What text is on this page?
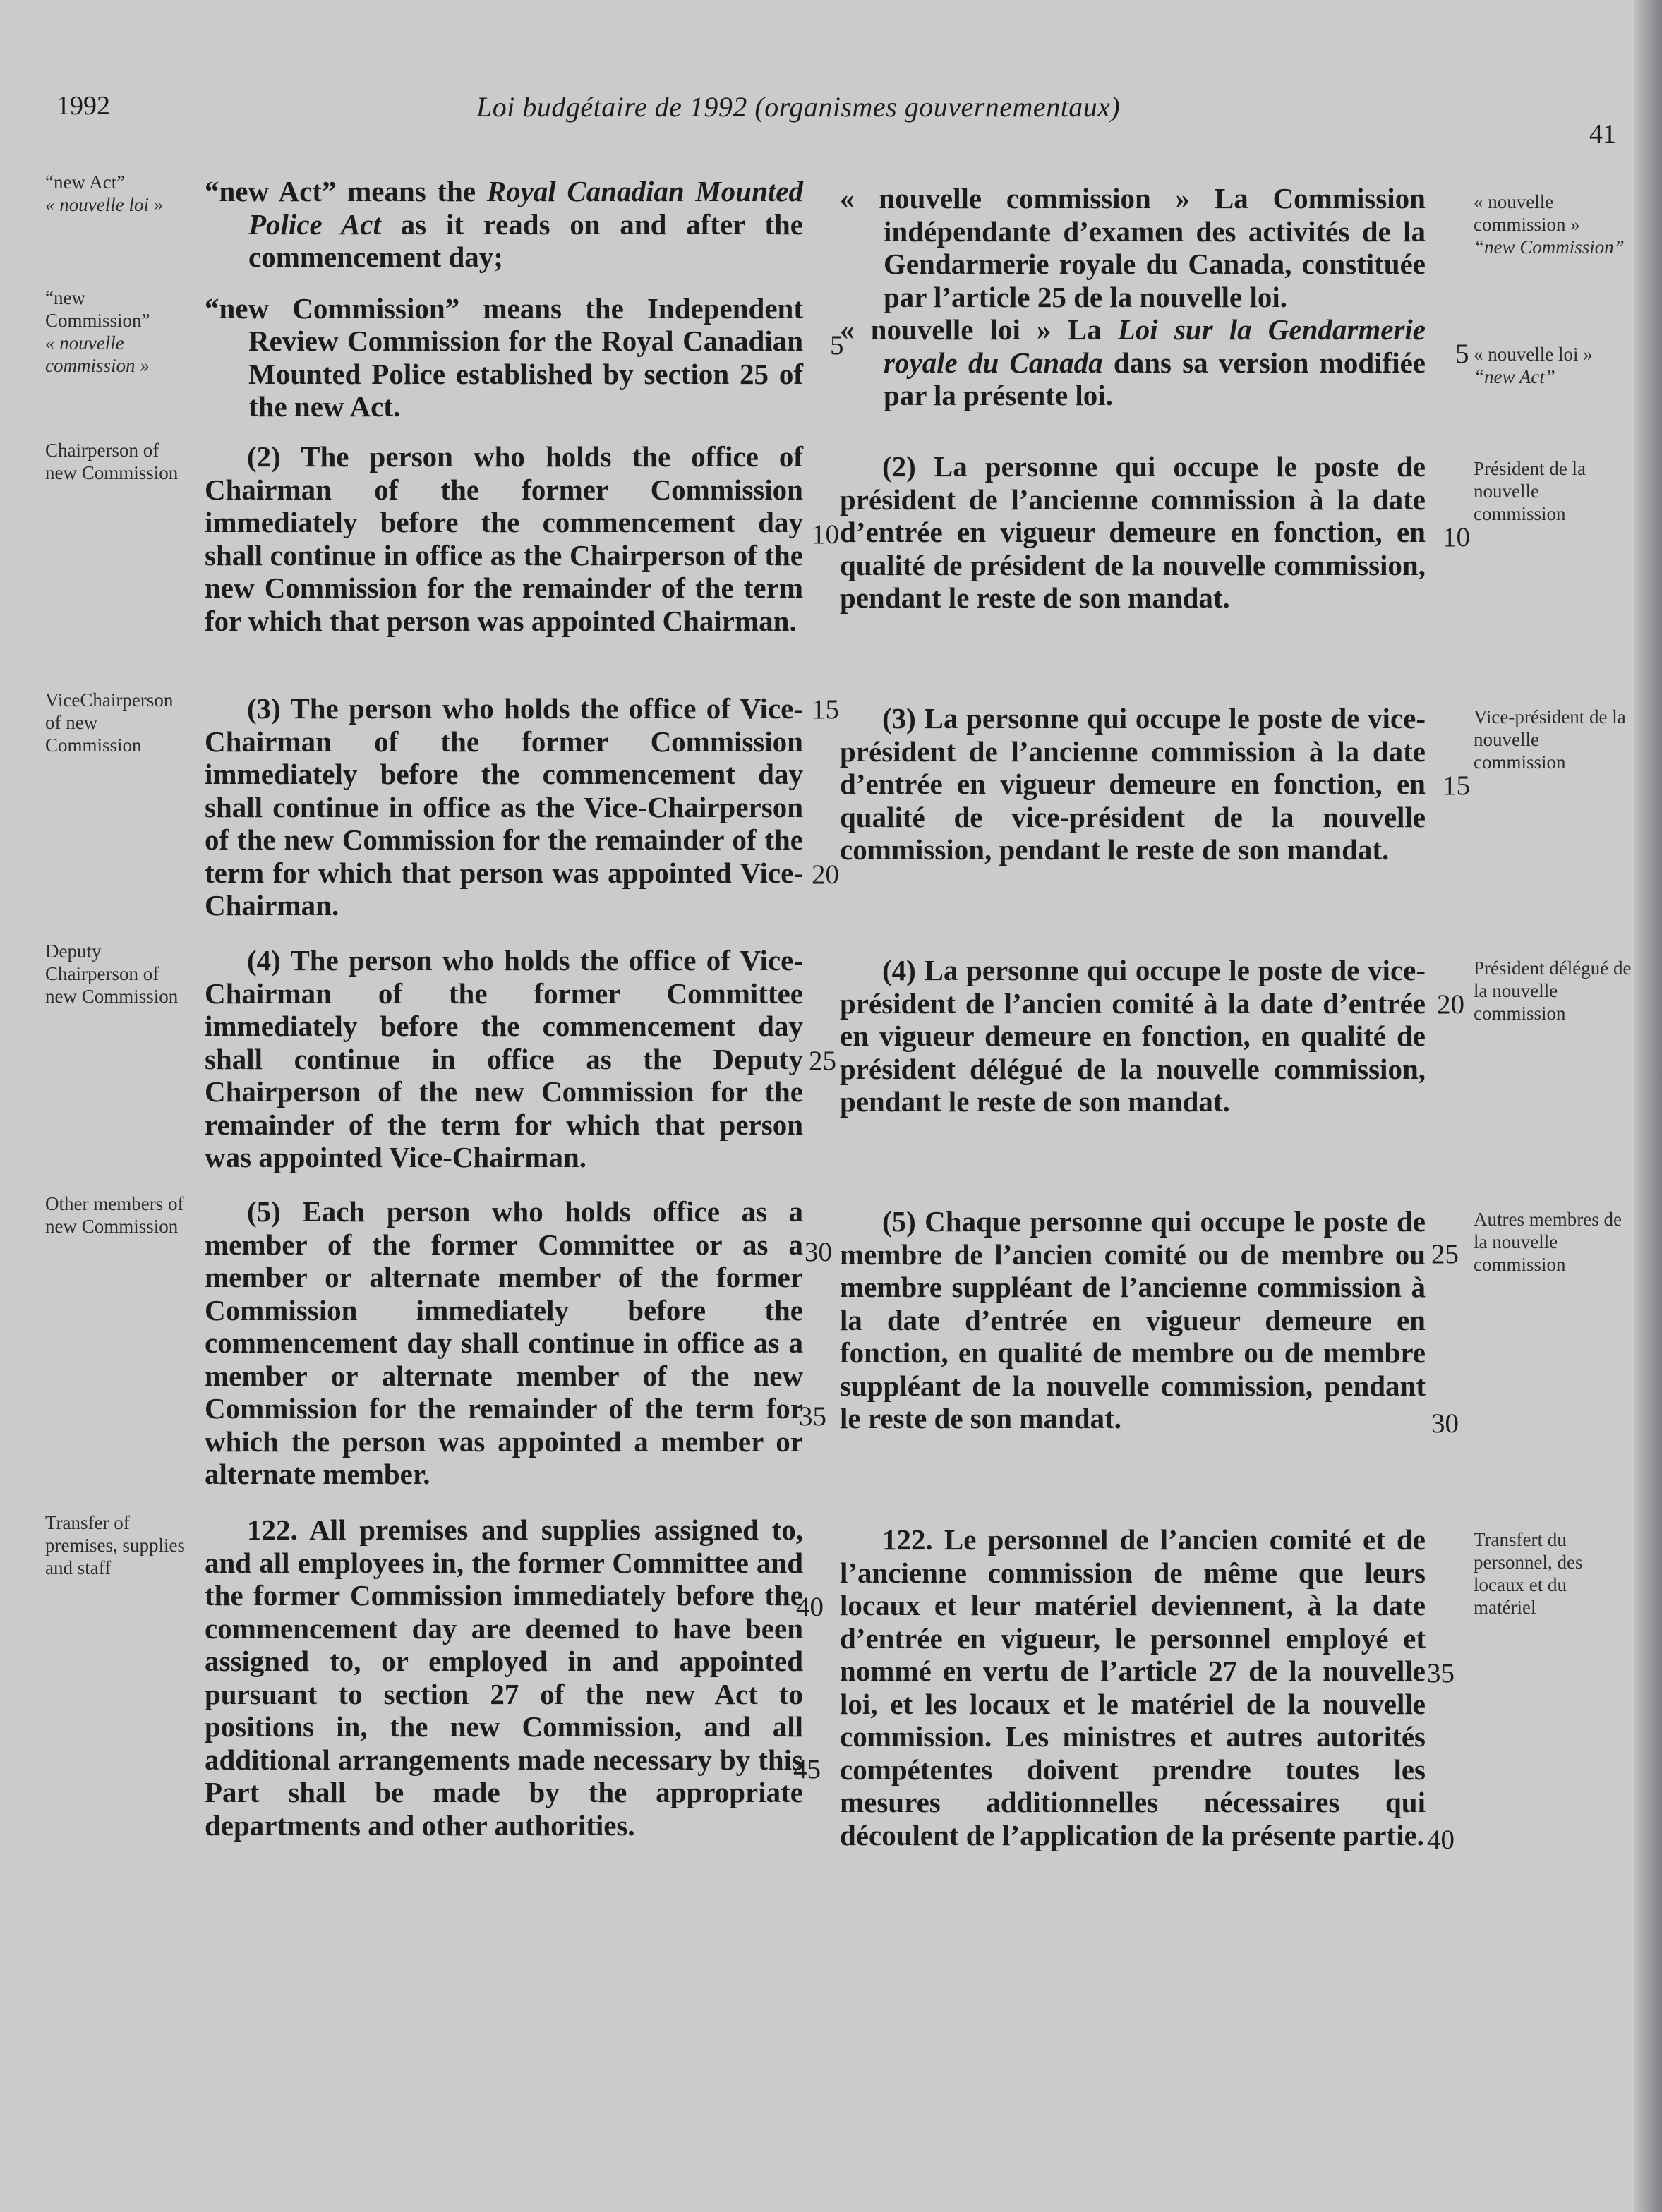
1992	Loi budgétaire de 1992 (organismes gouvernementaux)
41

“new Act” means the Royal Canadian Mounted Police Act as it reads on and after the commencement day;

“new Commission” means the Independent Review Commission for the Royal Canadian Mounted Police established by section 25 of the new Act.

(2) The person who holds the office of Chairman of the former Commission immediately before the commencement day shall continue in office as the Chairperson of the new Commission for the remainder of the term for which that person was appointed Chairman.

(3) The person who holds the office of Vice-Chairman of the former Commission immediately before the commencement day shall continue in office as the Vice-Chairperson of the new Commission for the remainder of the term for which that person was appointed Vice-Chairman.

(4) The person who holds the office of Vice-Chairman of the former Committee immediately before the commencement day shall continue in office as the Deputy Chairperson of the new Commission for the remainder of the term for which that person was appointed Vice-Chairman.

(5) Each person who holds office as a member of the former Committee or as a member or alternate member of the former Commission immediately before the commencement day shall continue in office as a member or alternate member of the new Commission for the remainder of the term for which the person was appointed a member or alternate member.

122. All premises and supplies assigned to, and all employees in, the former Committee and the former Commission immediately before the commencement day are deemed to have been assigned to, or employed in and appointed pursuant to section 27 of the new Act to positions in, the new Commission, and all additional arrangements made necessary by this Part shall be made by the appropriate departments and other authorities.

« nouvelle commission » La Commission indépendante d’examen des activités de la Gendarmerie royale du Canada, constituée par l’article 25 de la nouvelle loi.

« nouvelle loi » La Loi sur la Gendarmerie royale du Canada dans sa version modifiée par la présente loi.

(2) La personne qui occupe le poste de président de l’ancienne commission à la date d’entrée en vigueur demeure en fonction, en qualité de président de la nouvelle commission, pendant le reste de son mandat.

(3) La personne qui occupe le poste de vice-président de l’ancienne commission à la date d’entrée en vigueur demeure en fonction, en qualité de vice-président de la nouvelle commission, pendant le reste de son mandat.

(4) La personne qui occupe le poste de vice-président de l’ancien comité à la date d’entrée en vigueur demeure en fonction, en qualité de président délégué de la nouvelle commission, pendant le reste de son mandat.

(5) Chaque personne qui occupe le poste de membre de l’ancien comité ou de membre ou membre suppléant de l’ancienne commission à la date d’entrée en vigueur demeure en fonction, en qualité de membre ou de membre suppléant de la nouvelle commission, pendant le reste de son mandat.

122. Le personnel de l’ancien comité et de l’ancienne commission de même que leurs locaux et leur matériel deviennent, à la date d’entrée en vigueur, le personnel employé et nommé en vertu de l’article 27 de la nouvelle loi, et les locaux et le matériel de la nouvelle commission. Les ministres et autres autorités compétentes doivent prendre toutes les mesures additionnelles nécessaires qui découlent de l’application de la présente partie.

“new Act”
« nouvelle loi »
“new Commission”
« nouvelle commission »
Chairperson of new Commission
ViceChairperson of new Commission
Deputy Chairperson of new Commission
Other members of new Commission
Transfer of premises, supplies and staff
« nouvelle commission »
“new Commission”
« nouvelle loi »
“new Act”
Président de la nouvelle commission
Vice-président de la nouvelle commission
Président délégué de la nouvelle commission
Autres membres de la nouvelle commission
Transfert du personnel, des locaux et du matériel
5
10
15
20
25
30
35
40
45
5
10
15
20
25
30
35
40
